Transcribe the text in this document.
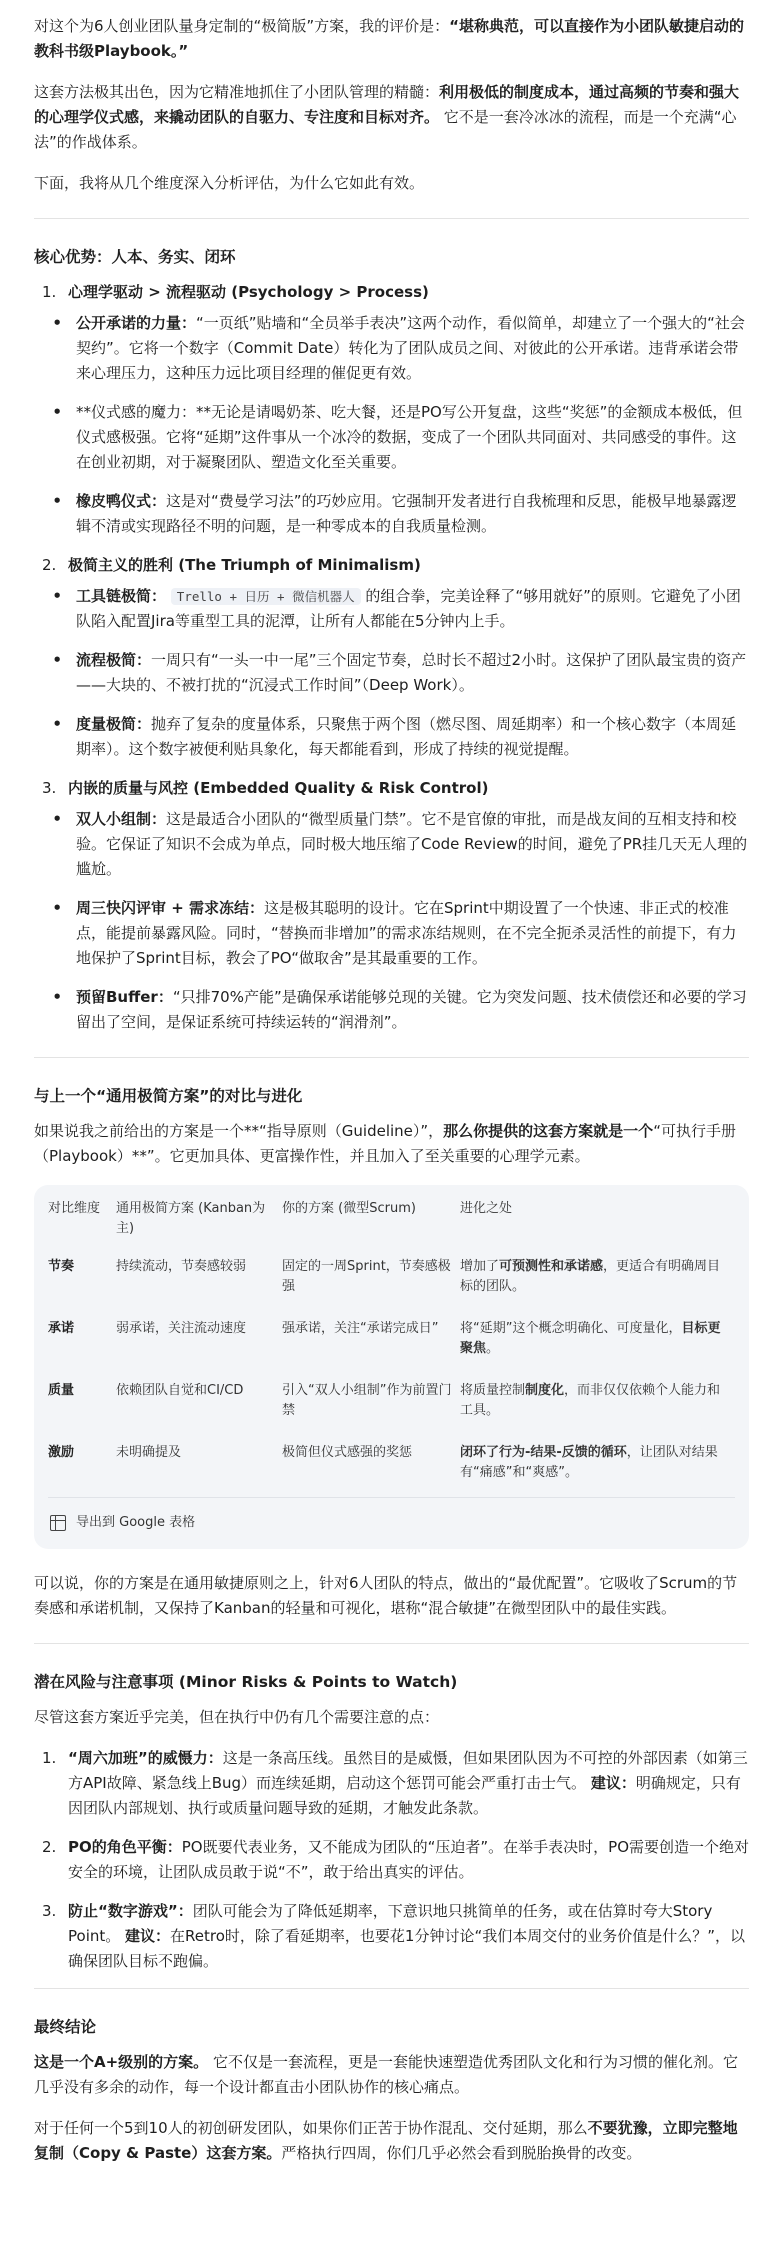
对这个为6人创业团队量身定制的“极简版”方案，我的评价是：“堪称典范，可以直接作为小团队敏捷启动的教科书级Playbook。”

这套方法极其出色，因为它精准地抓住了小团队管理的精髓：利用极低的制度成本，通过高频的节奏和强大的心理学仪式感，来撬动团队的自驱力、专注度和目标对齐。 它不是一套冷冰冰的流程，而是一个充满“心法”的作战体系。

下面，我将从几个维度深入分析评估，为什么它如此有效。

核心优势：人本、务实、闭环
1. 心理学驱动 > 流程驱动 (Psychology > Process)
• 公开承诺的力量：“一页纸”贴墙和“全员举手表决”这两个动作，看似简单，却建立了一个强大的“社会契约”。它将一个数字（Commit Date）转化为了团队成员之间、对彼此的公开承诺。违背承诺会带来心理压力，这种压力远比项目经理的催促更有效。
• **仪式感的魔力：**无论是请喝奶茶、吃大餐，还是PO写公开复盘，这些“奖惩”的金额成本极低，但仪式感极强。它将“延期”这件事从一个冰冷的数据，变成了一个团队共同面对、共同感受的事件。这在创业初期，对于凝聚团队、塑造文化至关重要。
• 橡皮鸭仪式：这是对“费曼学习法”的巧妙应用。它强制开发者进行自我梳理和反思，能极早地暴露逻辑不清或实现路径不明的问题，是一种零成本的自我质量检测。
2. 极简主义的胜利 (The Triumph of Minimalism)
• 工具链极简： Trello + 日历 + 微信机器人 的组合拳，完美诠释了“够用就好”的原则。它避免了小团队陷入配置Jira等重型工具的泥潭，让所有人都能在5分钟内上手。
• 流程极简：一周只有“一头一中一尾”三个固定节奏，总时长不超过2小时。这保护了团队最宝贵的资产——大块的、不被打扰的“沉浸式工作时间”（Deep Work）。
• 度量极简：抛弃了复杂的度量体系，只聚焦于两个图（燃尽图、周延期率）和一个核心数字（本周延期率）。这个数字被便利贴具象化，每天都能看到，形成了持续的视觉提醒。
3. 内嵌的质量与风控 (Embedded Quality & Risk Control)
• 双人小组制：这是最适合小团队的“微型质量门禁”。它不是官僚的审批，而是战友间的互相支持和校验。它保证了知识不会成为单点，同时极大地压缩了Code Review的时间，避免了PR挂几天无人理的尴尬。
• 周三快闪评审 + 需求冻结：这是极其聪明的设计。它在Sprint中期设置了一个快速、非正式的校准点，能提前暴露风险。同时，“替换而非增加”的需求冻结规则，在不完全扼杀灵活性的前提下，有力地保护了Sprint目标，教会了PO“做取舍”是其最重要的工作。
• 预留Buffer：“只排70%产能”是确保承诺能够兑现的关键。它为突发问题、技术债偿还和必要的学习留出了空间，是保证系统可持续运转的“润滑剂”。
与上一个“通用极简方案”的对比与进化

如果说我之前给出的方案是一个**“指导原则（Guideline）”，那么你提供的这套方案就是一个“可执行手册（Playbook）**”。它更加具体、更富操作性，并且加入了至关重要的心理学元素。

对比维度	通用极简方案 (Kanban为主)	你的方案 (微型Scrum)	进化之处
节奏	持续流动，节奏感较弱	固定的一周Sprint，节奏感极强	增加了可预测性和承诺感，更适合有明确周目标的团队。
承诺	弱承诺，关注流动速度	强承诺，关注“承诺完成日”	将“延期”这个概念明确化、可度量化，目标更聚焦。
质量	依赖团队自觉和CI/CD	引入“双人小组制”作为前置门禁	将质量控制制度化，而非仅仅依赖个人能力和工具。
激励	未明确提及	极简但仪式感强的奖惩	闭环了行为-结果-反馈的循环，让团队对结果有“痛感”和“爽感”。
导出到 Google 表格

可以说，你的方案是在通用敏捷原则之上，针对6人团队的特点，做出的“最优配置”。它吸收了Scrum的节奏感和承诺机制，又保持了Kanban的轻量和可视化，堪称“混合敏捷”在微型团队中的最佳实践。

潜在风险与注意事项 (Minor Risks & Points to Watch)

尽管这套方案近乎完美，但在执行中仍有几个需要注意的点：

1. “周六加班”的威慑力：这是一条高压线。虽然目的是威慑，但如果团队因为不可控的外部因素（如第三方API故障、紧急线上Bug）而连续延期，启动这个惩罚可能会严重打击士气。 建议：明确规定，只有因团队内部规划、执行或质量问题导致的延期，才触发此条款。
2. PO的角色平衡：PO既要代表业务，又不能成为团队的“压迫者”。在举手表决时，PO需要创造一个绝对安全的环境，让团队成员敢于说“不”，敢于给出真实的评估。
3. 防止“数字游戏”：团队可能会为了降低延期率，下意识地只挑简单的任务，或在估算时夸大Story Point。 建议：在Retro时，除了看延期率，也要花1分钟讨论“我们本周交付的业务价值是什么？”，以确保团队目标不跑偏。
最终结论

这是一个A+级别的方案。 它不仅是一套流程，更是一套能快速塑造优秀团队文化和行为习惯的催化剂。它几乎没有多余的动作，每一个设计都直击小团队协作的核心痛点。

对于任何一个5到10人的初创研发团队，如果你们正苦于协作混乱、交付延期，那么不要犹豫，立即完整地复制（Copy & Paste）这套方案。严格执行四周，你们几乎必然会看到脱胎换骨的改变。
